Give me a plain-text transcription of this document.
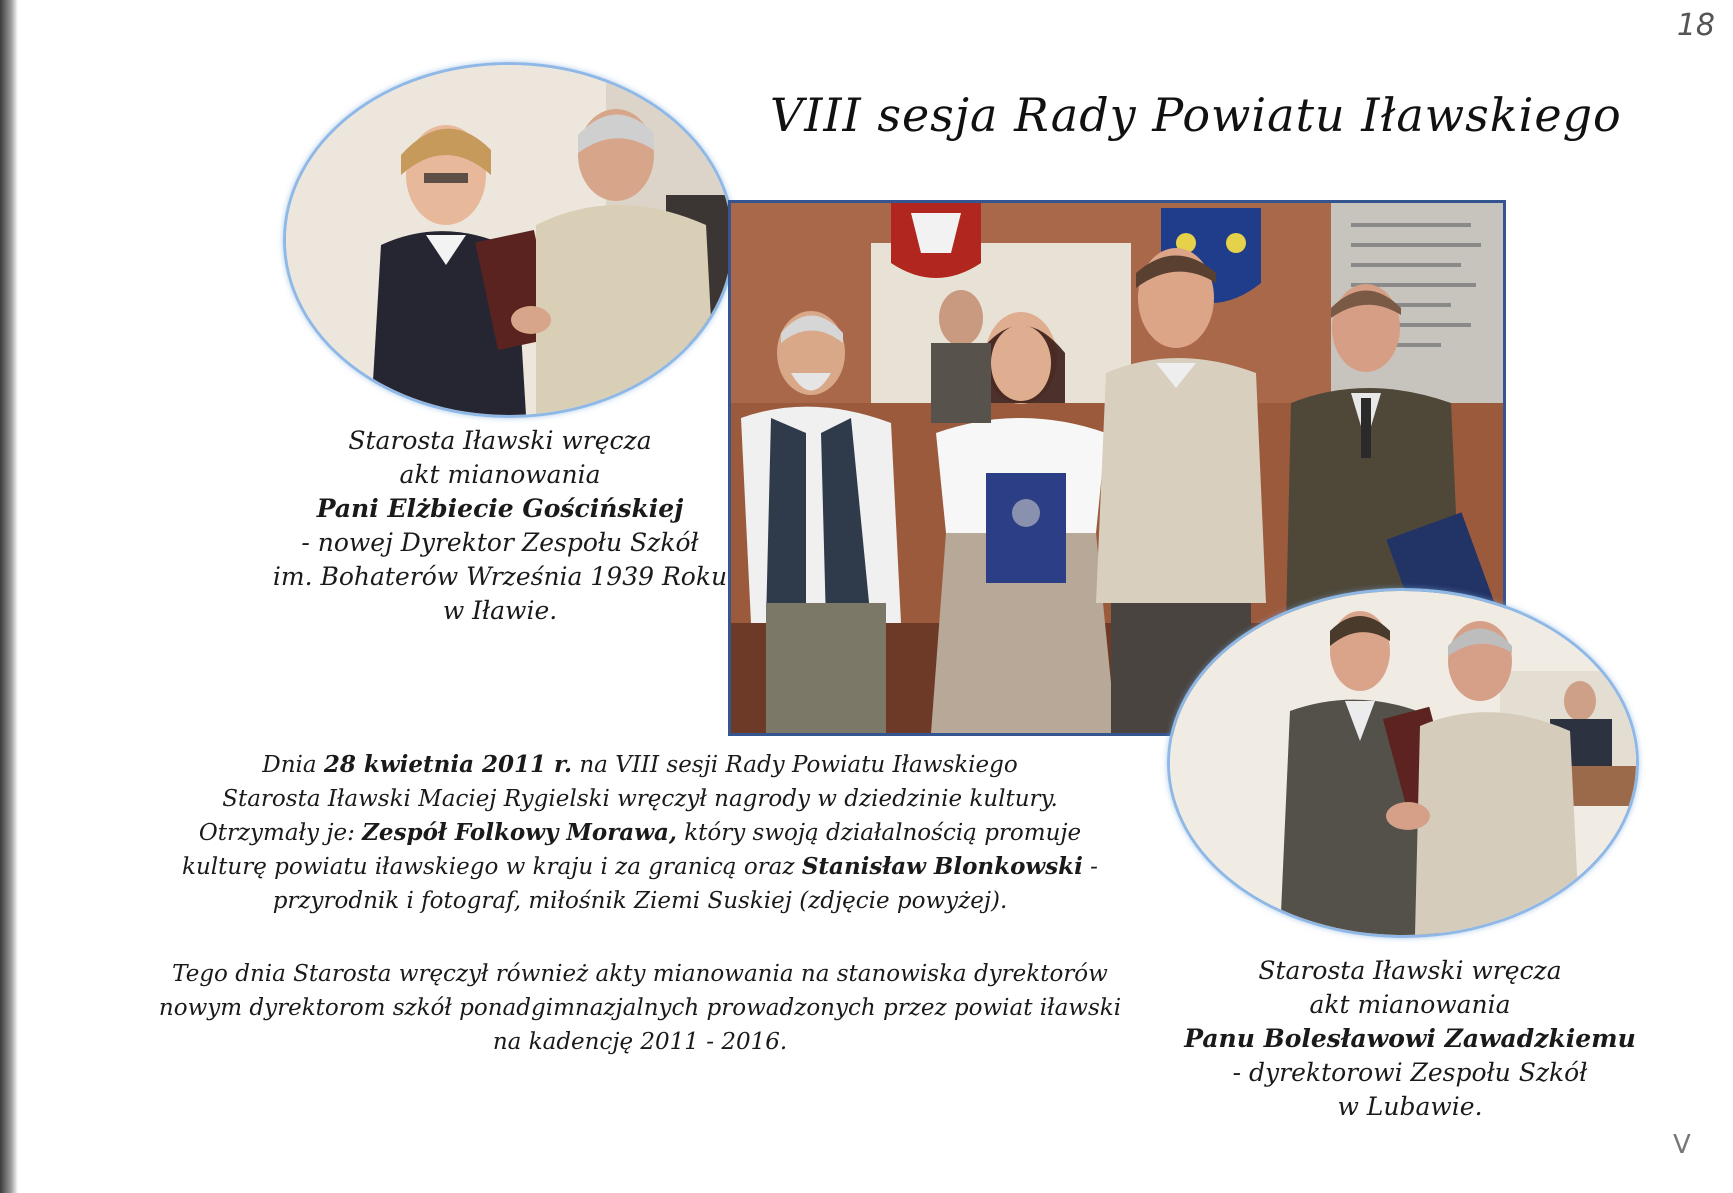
18
VIII sesja Rady Powiatu Iławskiego
Starosta Iławski wręcza
akt mianowania
Pani Elżbiecie Gościńskiej
- nowej Dyrektor Zespołu Szkół
im. Bohaterów Września 1939 Roku
w Iławie.
Dnia 28 kwietnia 2011 r. na VIII sesji Rady Powiatu Iławskiego
Starosta Iławski Maciej Rygielski wręczył nagrody w dziedzinie kultury.
Otrzymały je: Zespół Folkowy Morawa, który swoją działalnością promuje
kulturę powiatu iławskiego w kraju i za granicą oraz Stanisław Blonkowski -
przyrodnik i fotograf, miłośnik Ziemi Suskiej (zdjęcie powyżej).
Tego dnia Starosta wręczył również akty mianowania na stanowiska dyrektorów
nowym dyrektorom szkół ponadgimnazjalnych prowadzonych przez powiat iławski
na kadencję 2011 - 2016.
Starosta Iławski wręcza
akt mianowania
Panu Bolesławowi Zawadzkiemu
- dyrektorowi Zespołu Szkół
w Lubawie.
V
